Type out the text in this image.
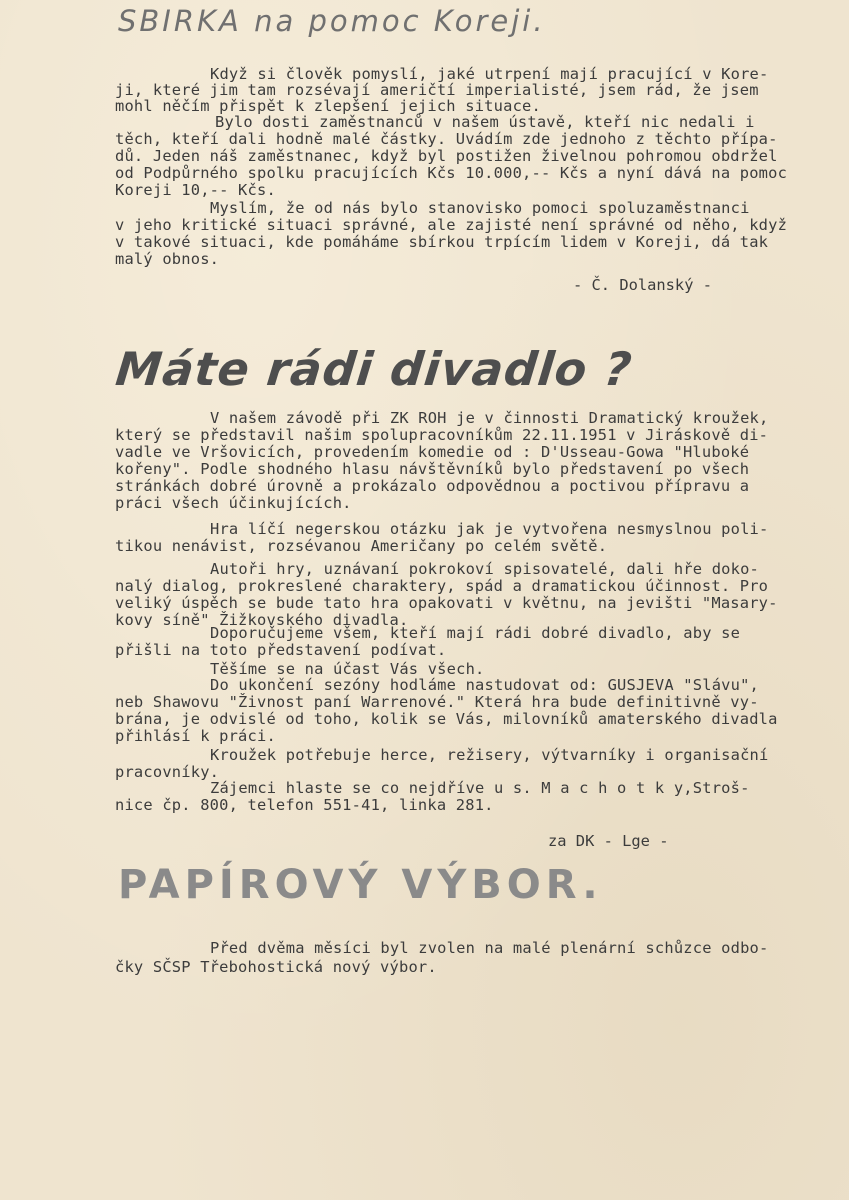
SBIRKA na pomoc Koreji.
Když si člověk pomyslí, jaké utrpení mají pracující v Kore-
ji, které jim tam rozsévají američtí imperialisté, jsem rád, že jsem
mohl něčím přispět k zlepšení jejich situace.
Bylo dosti zaměstnanců v našem ústavě, kteří nic nedali i
těch, kteří dali hodně malé částky. Uvádím zde jednoho z těchto přípa-
dů. Jeden náš zaměstnanec, když byl postižen živelnou pohromou obdržel
od Podpůrného spolku pracujících Kčs 10.000,-- Kčs a nyní dává na pomoc
Koreji 10,-- Kčs.
Myslím, že od nás bylo stanovisko pomoci spoluzaměstnanci
v jeho kritické situaci správné, ale zajisté není správné od něho, když
v takové situaci, kde pomáháme sbírkou trpícím lidem v Koreji, dá tak
malý obnos.
- Č. Dolanský -
Máte rádi divadlo ?
V našem závodě při ZK ROH je v činnosti Dramatický kroužek,
který se představil našim spolupracovníkům 22.11.1951 v Jiráskově di-
vadle ve Vršovicích, provedením komedie od : D'Usseau-Gowa "Hluboké
kořeny". Podle shodného hlasu návštěvníků bylo představení po všech
stránkách dobré úrovně a prokázalo odpovědnou a poctivou přípravu a
práci všech účinkujících.
Hra líčí negerskou otázku jak je vytvořena nesmyslnou poli-
tikou nenávist, rozsévanou Američany po celém světě.
Autoři hry, uznávaní pokrokoví spisovatelé, dali hře doko-
nalý dialog, prokreslené charaktery, spád a dramatickou účinnost. Pro
veliký úspěch se bude tato hra opakovati v květnu, na jevišti "Masary-
kovy síně" Žižkovského divadla.
Doporučujeme všem, kteří mají rádi dobré divadlo, aby se
přišli na toto představení podívat.
Těšíme se na účast Vás všech.
Do ukončení sezóny hodláme nastudovat od: GUSJEVA "Slávu",
neb Shawovu "Živnost paní Warrenové." Která hra bude definitivně vy-
brána, je odvislé od toho, kolik se Vás, milovníků amaterského divadla
přihlásí k práci.
Kroužek potřebuje herce, režisery, výtvarníky i organisační
pracovníky.
Zájemci hlaste se co nejdříve u s. M a c h o t k y,Stroš-
nice čp. 800, telefon 551-41, linka 281.
za DK - Lge -
PAPÍROVÝ VÝBOR.
Před dvěma měsíci byl zvolen na malé plenární schůzce odbo-
čky SČSP Třebohostická nový výbor.
